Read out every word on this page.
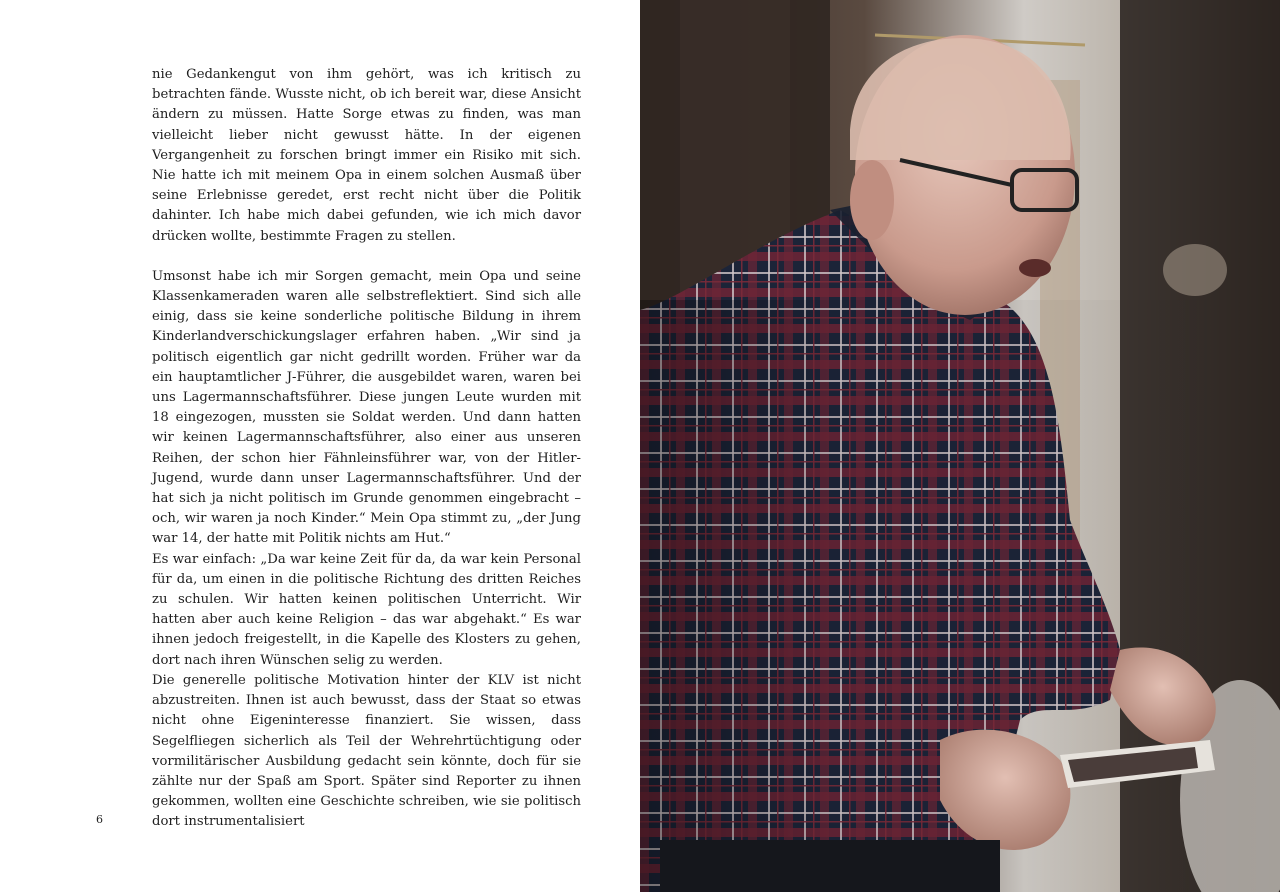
nie Gedankengut von ihm gehört, was ich kritisch zu betrachten fände. Wusste nicht, ob ich bereit war, diese Ansicht ändern zu müssen. Hatte Sorge etwas zu finden, was man vielleicht lieber nicht gewusst hätte. In der eigenen Vergangenheit zu forschen bringt immer ein Risiko mit sich. Nie hatte ich mit meinem Opa in einem solchen Ausmaß über seine Erlebnisse geredet, erst recht nicht über die Politik dahinter. Ich habe mich dabei gefunden, wie ich mich davor drücken wollte, bestimmte Fragen zu stellen.

Umsonst habe ich mir Sorgen gemacht, mein Opa und seine Klassenkameraden waren alle selbstreflektiert. Sind sich alle einig, dass sie keine sonderliche politische Bildung in ihrem Kinderlandverschickungslager erfahren haben. „Wir sind ja politisch eigentlich gar nicht gedrillt worden. Früher war da ein hauptamtlicher J-Führer, die ausgebildet waren, waren bei uns Lagermannschaftsführer. Diese jungen Leute wurden mit 18 eingezogen, mussten sie Soldat werden. Und dann hatten wir keinen Lagermannschaftsführer, also einer aus unseren Reihen, der schon hier Fähnleinsführer war, von der Hitler-Jugend, wurde dann unser Lagermannschaftsführer. Und der hat sich ja nicht politisch im Grunde genommen eingebracht – och, wir waren ja noch Kinder.“ Mein Opa stimmt zu, „der Jung war 14, der hatte mit Politik nichts am Hut.“

Es war einfach: „Da war keine Zeit für da, da war kein Personal für da, um einen in die politische Richtung des dritten Reiches zu schulen. Wir hatten keinen politischen Unterricht. Wir hatten aber auch keine Religion – das war abgehakt.“ Es war ihnen jedoch freigestellt, in die Kapelle des Klosters zu gehen, dort nach ihren Wünschen selig zu werden.

Die generelle politische Motivation hinter der KLV ist nicht abzustreiten. Ihnen ist auch bewusst, dass der Staat so etwas nicht ohne Eigeninteresse finanziert. Sie wissen, dass Segelfliegen sicherlich als Teil der Wehrehrtüchtigung oder vormilitärischer Ausbildung gedacht sein könnte, doch für sie zählte nur der Spaß am Sport. Später sind Reporter zu ihnen gekommen, wollten eine Geschichte schreiben, wie sie politisch dort instrumentalisiert

6
